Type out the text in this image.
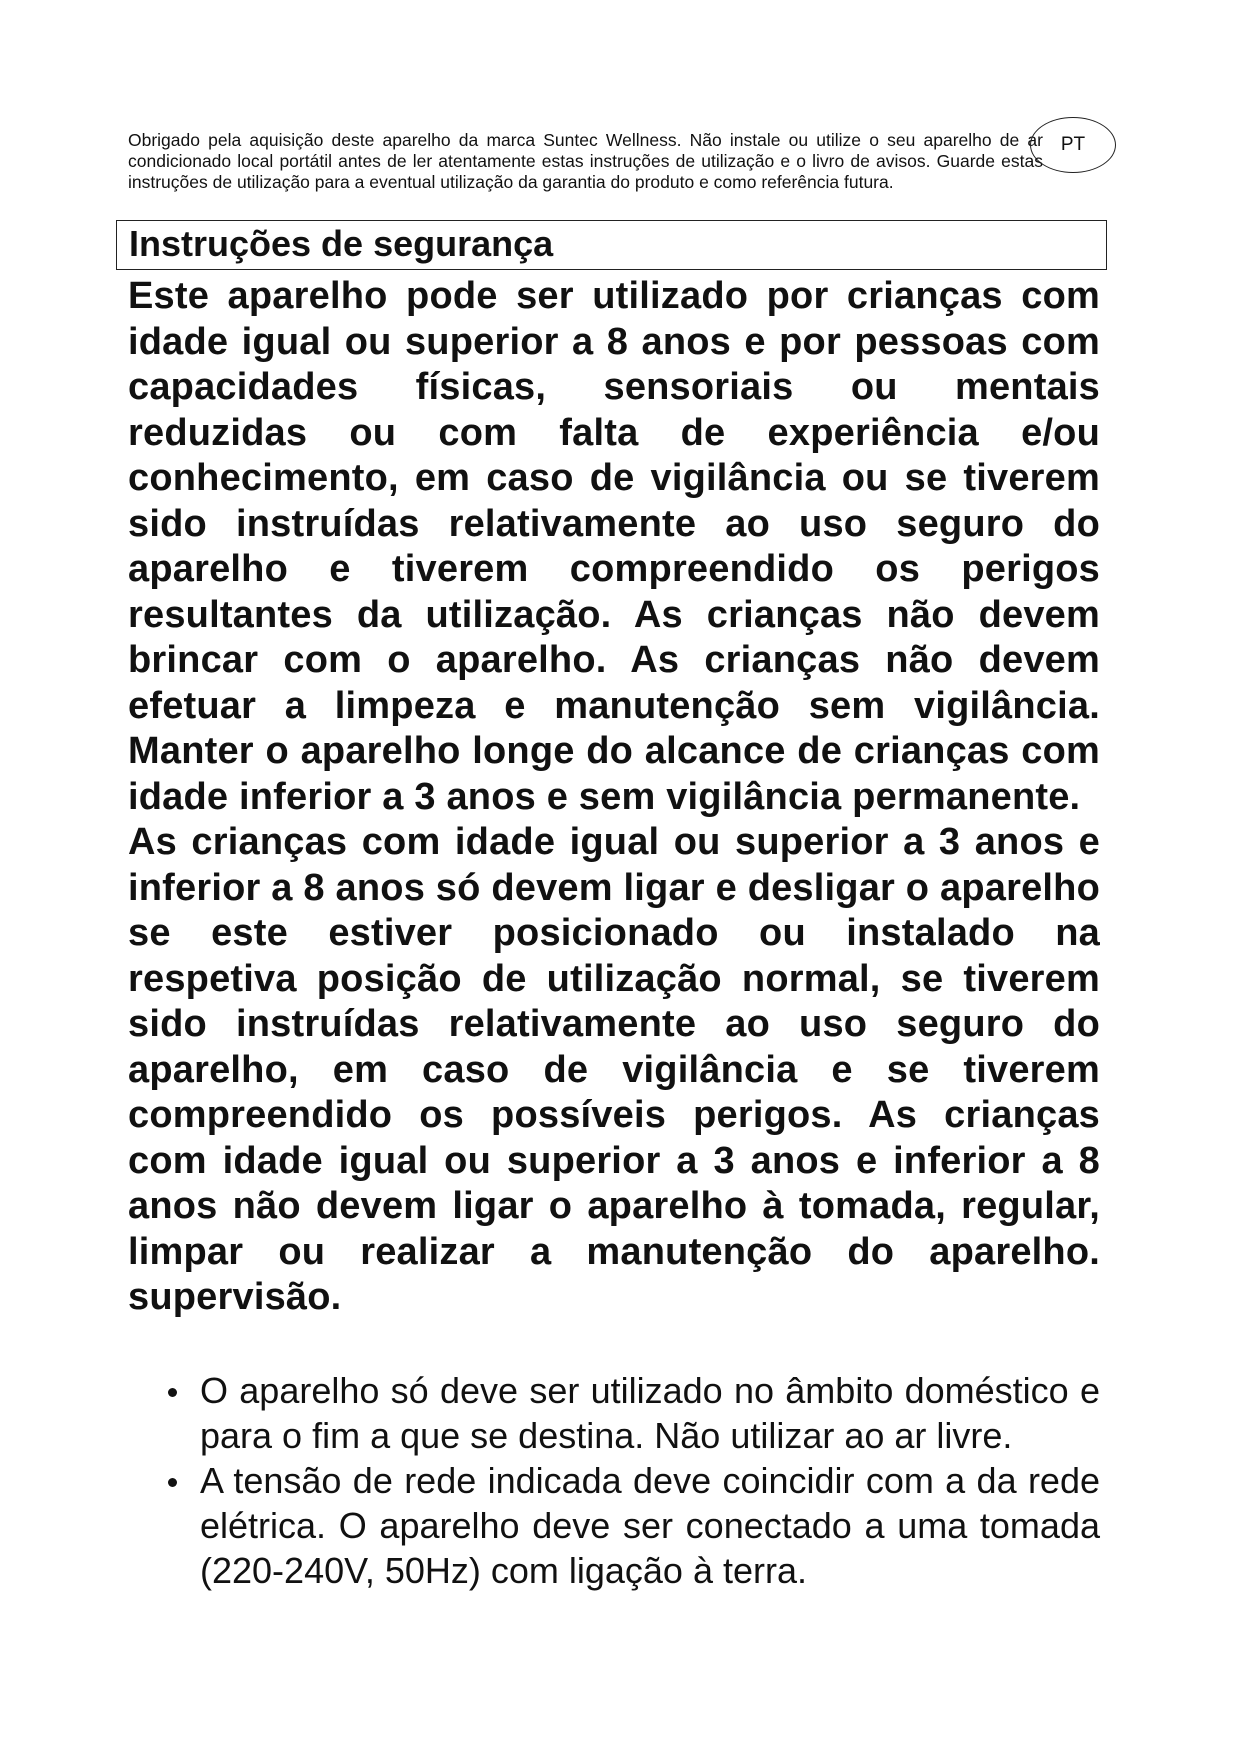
Obrigado pela aquisição deste aparelho da marca Suntec Wellness. Não instale ou utilize o seu aparelho de ar condicionado local portátil antes de ler atentamente estas instruções de utilização e o livro de avisos. Guarde estas instruções de utilização para a eventual utilização da garantia do produto e como referência futura.
PT
Instruções de segurança

Este aparelho pode ser utilizado por crianças com idade igual ou superior a 8 anos e por pessoas com capacidades físicas, sensoriais ou mentais reduzidas ou com falta de experiência e/ou conhecimento, em caso de vigilância ou se tiverem sido instruídas relativamente ao uso seguro do aparelho e tiverem compreendido os perigos resultantes da utilização. As crianças não devem brincar com o aparelho. As crianças não devem efetuar a limpeza e manutenção sem vigilância. Manter o aparelho longe do alcance de crianças com idade inferior a 3 anos e sem vigilância permanente.

As crianças com idade igual ou superior a 3 anos e inferior a 8 anos só devem ligar e desligar o aparelho se este estiver posicionado ou instalado na respetiva posição de utilização normal, se tiverem sido instruídas relativamente ao uso seguro do aparelho, em caso de vigilância e se tiverem compreendido os possíveis perigos. As crianças com idade igual ou superior a 3 anos e inferior a 8 anos não devem ligar o aparelho à tomada, regular, limpar ou realizar a manutenção do aparelho. supervisão.

O aparelho só deve ser utilizado no âmbito doméstico e para o fim a que se destina. Não utilizar ao ar livre.
A tensão de rede indicada deve coincidir com a da rede elétrica. O aparelho deve ser conectado a uma tomada (220-240V, 50Hz) com ligação à terra.
